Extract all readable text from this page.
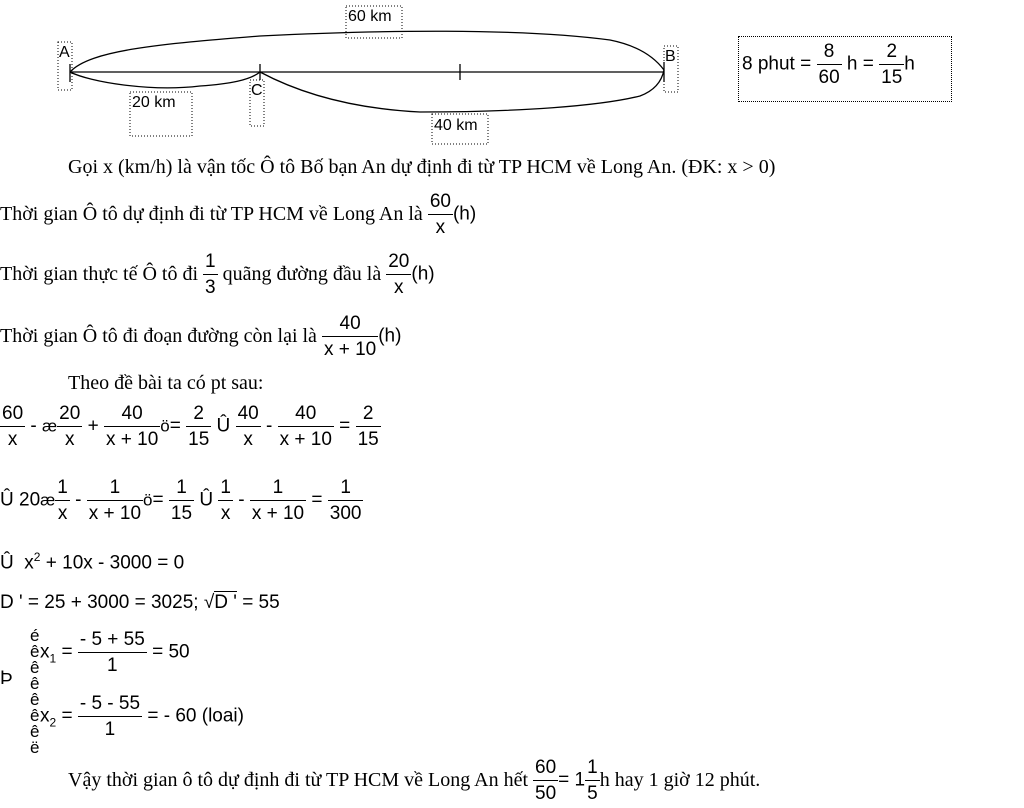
60 km
20 km
40 km
A
C
B	8 phut = $\frac{8}{60}$ $h = \frac{2}{15}$ h
Gọi x (km/h) là vận tốc Ô tô Bố bạn An dự định đi từ TP HCM về Long An. (ĐK: x > 0)
Thời gian Ô tô dự định đi từ TP HCM về Long An là $\frac{60}{x} (h)$
Thời gian thực tế Ô tô đi $\frac{1}{3}$ quãng đường đầu là $\frac{20}{x} (h)$
Thời gian Ô tô đi đoạn đường còn lại là $\frac{40}{x + 10} (h)$
Theo đề bài ta có pt sau:
$\frac{60}{x}$ - æ $\frac{20}{x} + \frac{40}{x + 10}$ ö= $\frac{2}{15}$ Û $\frac{40}{x} - \frac{40}{x + 10} = \frac{2}{15}$
Û 20æ $\frac{1}{x} - \frac{1}{x + 10}$ ö= $\frac{1}{15}$ Û $\frac{1}{x} - \frac{1}{x + 10} = \frac{1}{300}$
Û $x^2 + 10x - 3000 = 0$
D ' = 25 + 3000 = 3025; √D ' = 55
Þ
é
ê
ê
ê
ê
ê
ê
ë
$x_1 = \frac{- 5 + 55}{1} = 50$
$x_2 = \frac{- 5 - 55}{1}$ = - 60 (loai)
Vậy thời gian ô tô dự định đi từ TP HCM về Long An hết $\frac{60}{50} = 1 \frac{1}{5}$ h hay 1 giờ 12 phút.
